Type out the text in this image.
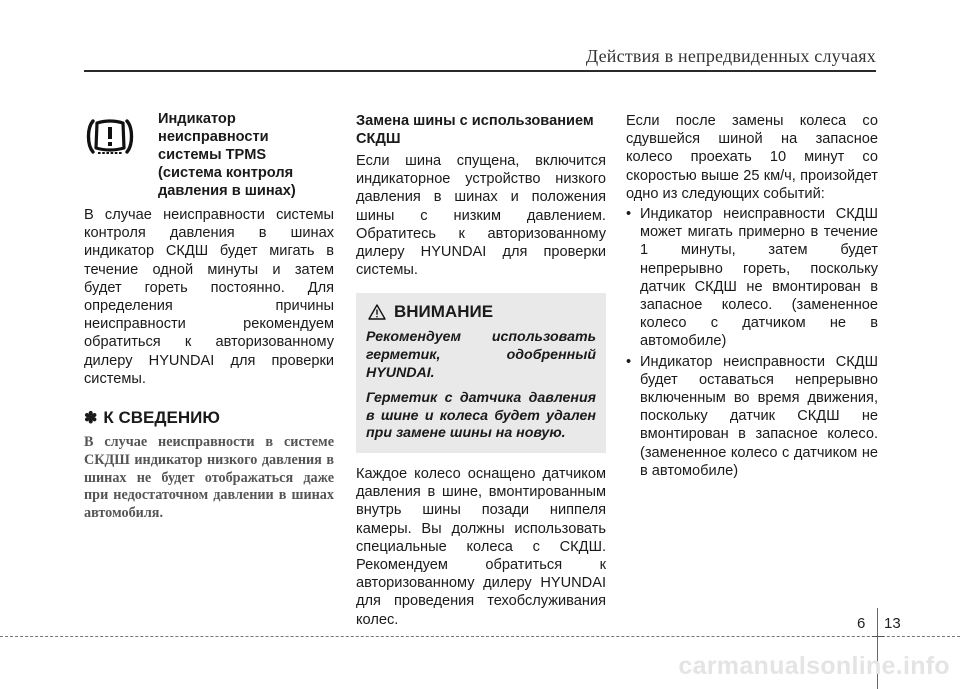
Действия в непредвиденных случаях
Индикатор неисправности системы TPMS (система контроля давления в шинах)
В случае неисправности системы контроля давления в шинах индикатор СКДШ будет мигать в течение одной минуты и затем будет гореть постоянно. Для определения причины неисправности рекомендуем обратиться к авторизованному дилеру HYUNDAI для проверки системы.
✽ К СВЕДЕНИЮ
В случае неисправности в системе СКДШ индикатор низкого давления в шинах не будет отображаться даже при недостаточном давлении в шинах автомобиля.
Замена шины с использованием СКДШ
Если шина спущена, включится индикаторное устройство низкого давления в шинах и положения шины с низким давлением. Обратитесь к авторизованному дилеру HYUNDAI для проверки системы.
ВНИМАНИЕ

Рекомендуем использовать герметик, одобренный HYUNDAI.

Герметик с датчика давления в шине и колеса будет удален при замене шины на новую.

Каждое колесо оснащено датчиком давления в шине, вмонтированным внутрь шины позади ниппеля камеры. Вы должны использовать специальные колеса с СКДШ. Рекомендуем обратиться к авторизованному дилеру HYUNDAI для проведения техобслуживания колес.
Если после замены колеса со сдувшейся шиной на запасное колесо проехать 10 минут со скоростью выше 25 км/ч, произойдет одно из следующих событий:
• Индикатор неисправности СКДШ может мигать примерно в течение 1 минуты, затем будет непрерывно гореть, поскольку датчик СКДШ не вмонтирован в запасное колесо. (замененное колесо с датчиком не в автомобиле)
• Индикатор неисправности СКДШ будет оставаться непрерывно включенным во время движения, поскольку датчик СКДШ не вмонтирован в запасное колесо. (замененное колесо с датчиком не в автомобиле)
6 13
carmanualsonline.info
